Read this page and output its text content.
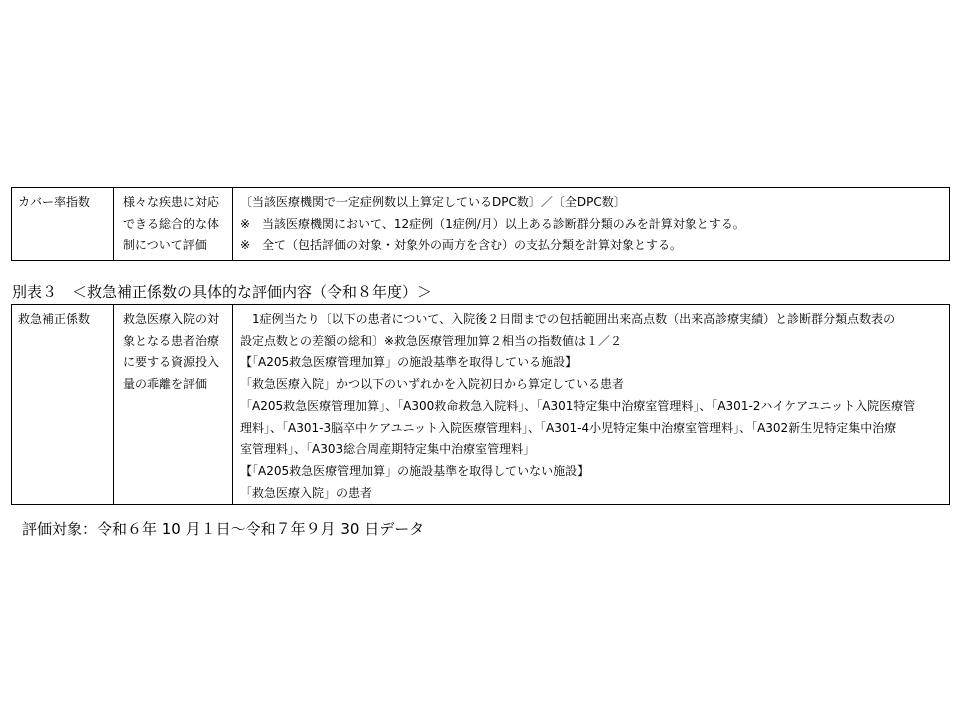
カバー率指数	様々な疾患に対応
できる総合的な体
制について評価
〔当該医療機関で一定症例数以上算定しているDPC数〕／〔全DPC数〕
※　当該医療機関において、12症例（1症例/月）以上ある診断群分類のみを計算対象とする。
※　全て（包括評価の対象・対象外の両方を含む）の支払分類を計算対象とする。
別表３　＜救急補正係数の具体的な評価内容（令和８年度）＞
救急補正係数	救急医療入院の対
象となる患者治療
に要する資源投入
量の乖離を評価
　1症例当たり〔以下の患者について、入院後２日間までの包括範囲出来高点数（出来高診療実績）と診断群分類点数表の
設定点数との差額の総和〕※救急医療管理加算２相当の指数値は１／２
【「A205救急医療管理加算」の施設基準を取得している施設】
「救急医療入院」かつ以下のいずれかを入院初日から算定している患者
「A205救急医療管理加算」、「A300救命救急入院料」、「A301特定集中治療室管理料」、「A301-2ハイケアユニット入院医療管
理料」、「A301-3脳卒中ケアユニット入院医療管理料」、「A301-4小児特定集中治療室管理料」、「A302新生児特定集中治療
室管理料」、「A303総合周産期特定集中治療室管理料」
【「A205救急医療管理加算」の施設基準を取得していない施設】
「救急医療入院」の患者
評価対象：令和６年 10 月１日～令和７年９月 30 日データ
